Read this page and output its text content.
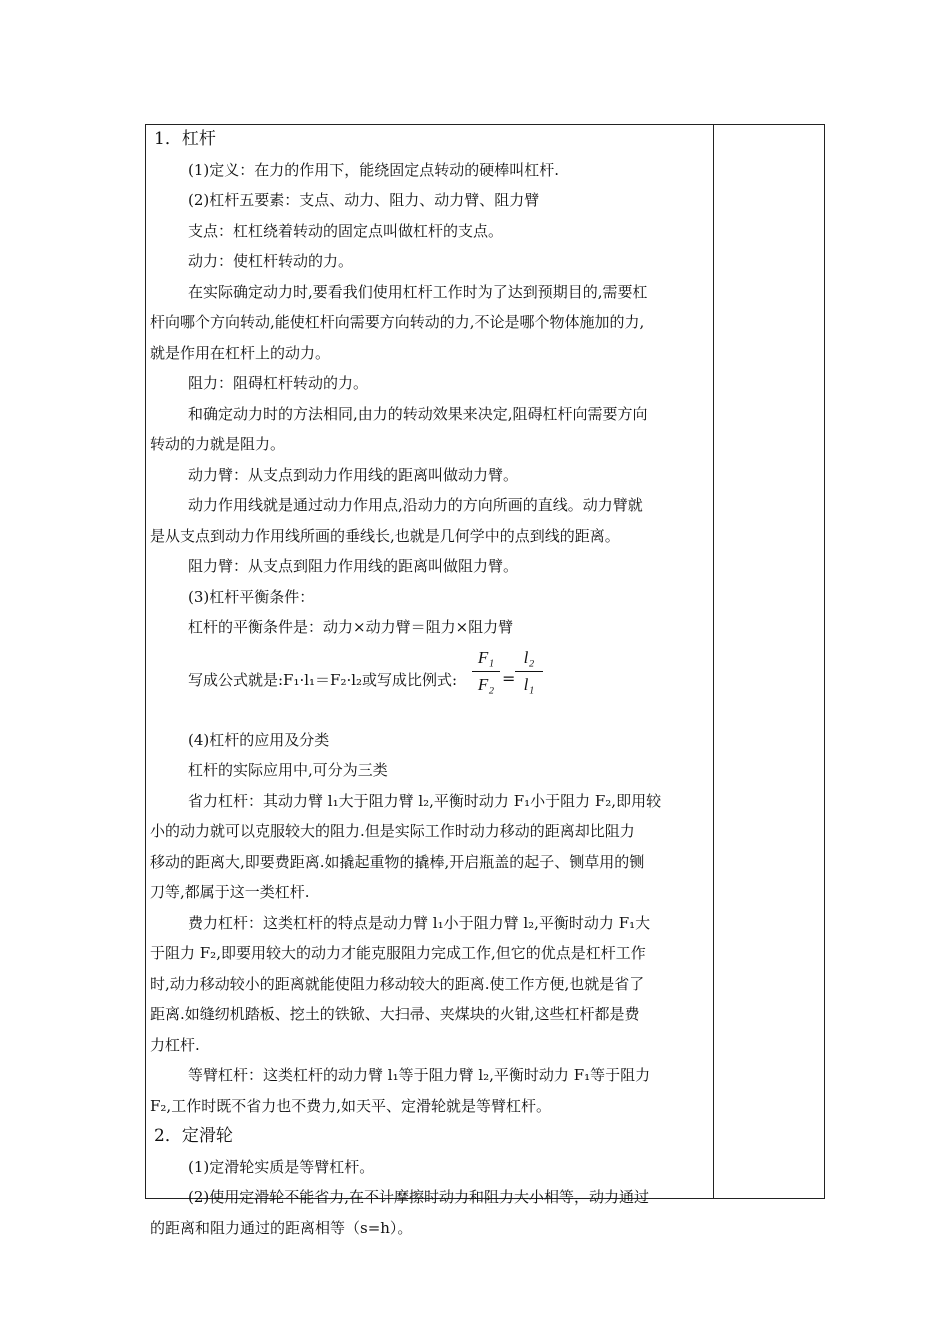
1．杠杆
(1)定义：在力的作用下，能绕固定点转动的硬棒叫杠杆.
(2)杠杆五要素：支点、动力、阻力、动力臂、阻力臂
支点：杠杠绕着转动的固定点叫做杠杆的支点。
动力：使杠杆转动的力。
在实际确定动力时,要看我们使用杠杆工作时为了达到预期目的,需要杠
杆向哪个方向转动,能使杠杆向需要方向转动的力,不论是哪个物体施加的力,
就是作用在杠杆上的动力。
阻力：阻碍杠杆转动的力。
和确定动力时的方法相同,由力的转动效果来决定,阻碍杠杆向需要方向
转动的力就是阻力。
动力臂：从支点到动力作用线的距离叫做动力臂。
动力作用线就是通过动力作用点,沿动力的方向所画的直线。动力臂就
是从支点到动力作用线所画的垂线长,也就是几何学中的点到线的距离。
阻力臂：从支点到阻力作用线的距离叫做阻力臂。
(3)杠杆平衡条件：
杠杆的平衡条件是：动力×动力臂＝阻力×阻力臂
写成公式就是:F₁·l₁＝F₂·l₂或写成比例式: $\frac{\text{F₁}}{\text{F₂}} = \frac{\text{l₂}}{\text{l₁}}$
(4)杠杆的应用及分类
杠杆的实际应用中,可分为三类
省力杠杆：其动力臂 l₁大于阻力臂 l₂,平衡时动力 F₁小于阻力 F₂,即用较
小的动力就可以克服较大的阻力.但是实际工作时动力移动的距离却比阻力
移动的距离大,即要费距离.如撬起重物的撬棒,开启瓶盖的起子、铡草用的铡
刀等,都属于这一类杠杆.
费力杠杆：这类杠杆的特点是动力臂 l₁小于阻力臂 l₂,平衡时动力 F₁大
于阻力 F₂,即要用较大的动力才能克服阻力完成工作,但它的优点是杠杆工作
时,动力移动较小的距离就能使阻力移动较大的距离.使工作方便,也就是省了
距离.如缝纫机踏板、挖土的铁锨、大扫帚、夹煤块的火钳,这些杠杆都是费
力杠杆.
等臂杠杆：这类杠杆的动力臂 l₁等于阻力臂 l₂,平衡时动力 F₁等于阻力
F₂,工作时既不省力也不费力,如天平、定滑轮就是等臂杠杆。
2．定滑轮
(1)定滑轮实质是等臂杠杆。
(2)使用定滑轮不能省力,在不计摩擦时动力和阻力大小相等，动力通过
的距离和阻力通过的距离相等（s=h）。
